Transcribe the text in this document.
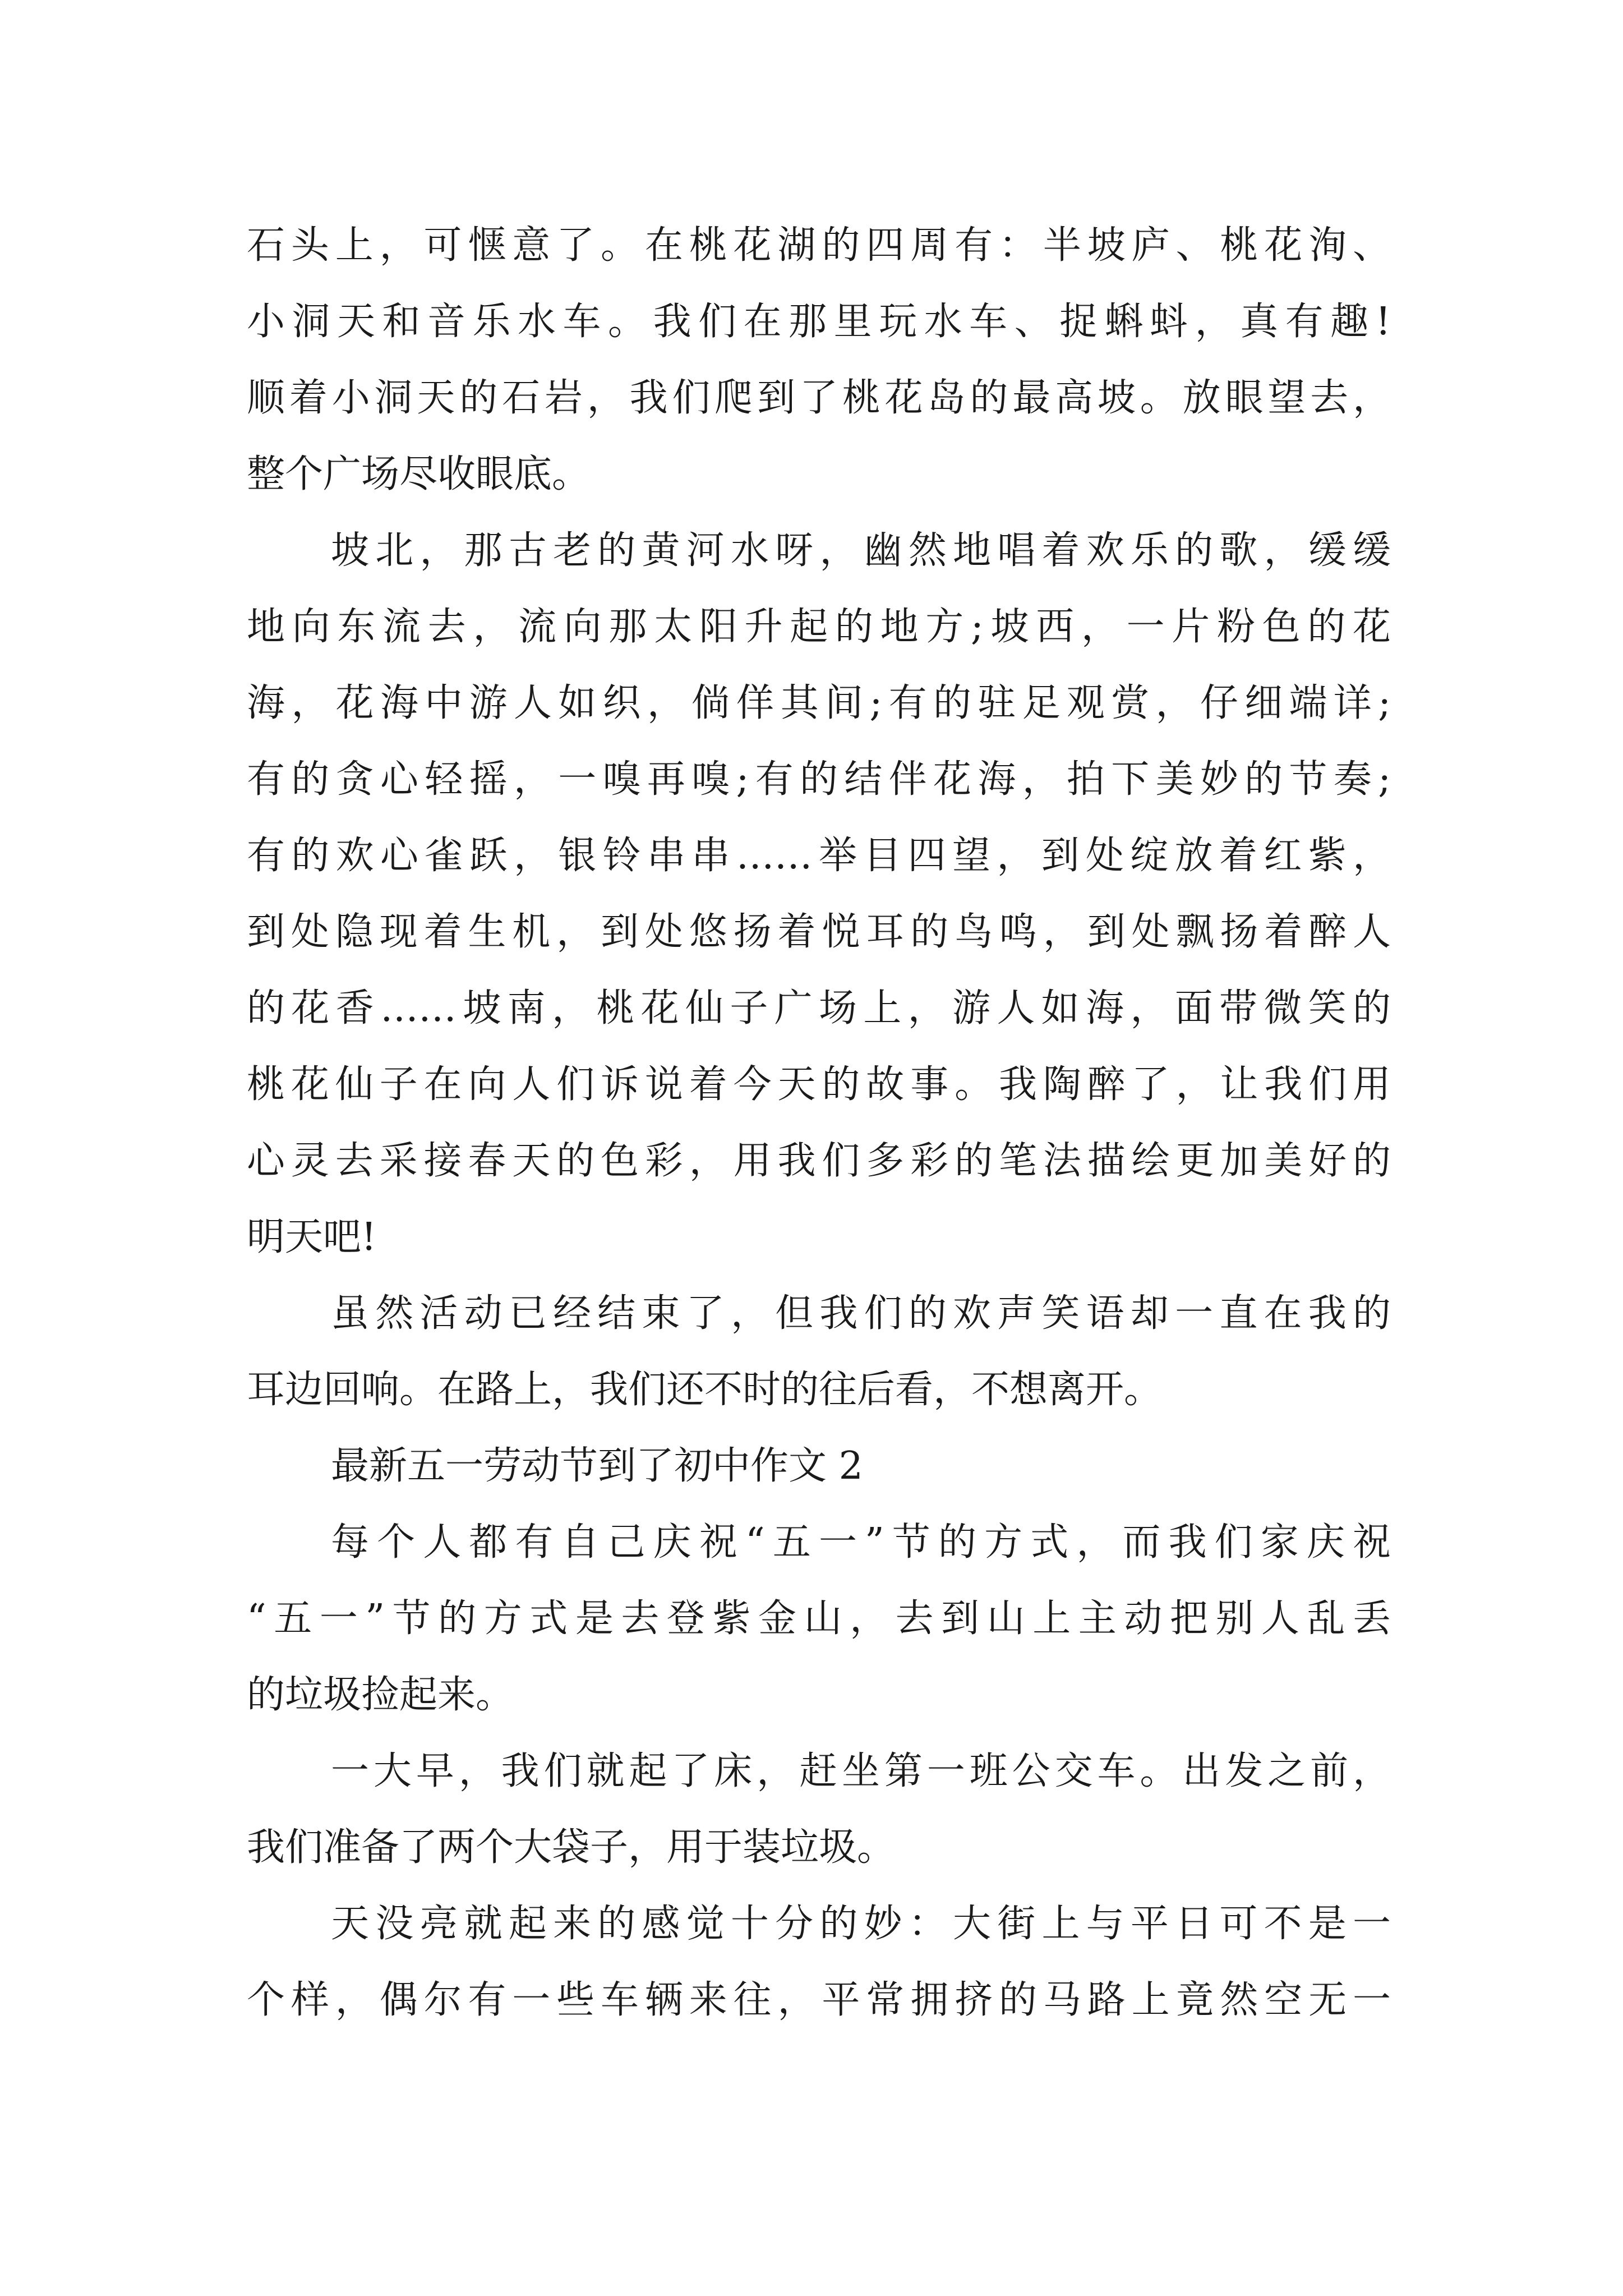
石头上，可惬意了。在桃花湖的四周有：半坡庐、桃花洵、
小洞天和音乐水车。我们在那里玩水车、捉蝌蚪，真有趣!
顺着小洞天的石岩，我们爬到了桃花岛的最高坡。放眼望去，
整个广场尽收眼底。
坡北，那古老的黄河水呀，幽然地唱着欢乐的歌，缓缓
地向东流去，流向那太阳升起的地方;坡西，一片粉色的花
海，花海中游人如织，倘佯其间;有的驻足观赏，仔细端详;
有的贪心轻摇，一嗅再嗅;有的结伴花海，拍下美妙的节奏;
有的欢心雀跃，银铃串串……举目四望，到处绽放着红紫，
到处隐现着生机，到处悠扬着悦耳的鸟鸣，到处飘扬着醉人
的花香……坡南，桃花仙子广场上，游人如海，面带微笑的
桃花仙子在向人们诉说着今天的故事。我陶醉了，让我们用
心灵去采接春天的色彩，用我们多彩的笔法描绘更加美好的
明天吧!
虽然活动已经结束了，但我们的欢声笑语却一直在我的
耳边回响。在路上，我们还不时的往后看，不想离开。
最新五一劳动节到了初中作文 2
每个人都有自己庆祝“五一”节的方式，而我们家庆祝
“五一”节的方式是去登紫金山，去到山上主动把别人乱丢
的垃圾捡起来。
一大早，我们就起了床，赶坐第一班公交车。出发之前，
我们准备了两个大袋子，用于装垃圾。
天没亮就起来的感觉十分的妙：大街上与平日可不是一
个样，偶尔有一些车辆来往，平常拥挤的马路上竟然空无一
